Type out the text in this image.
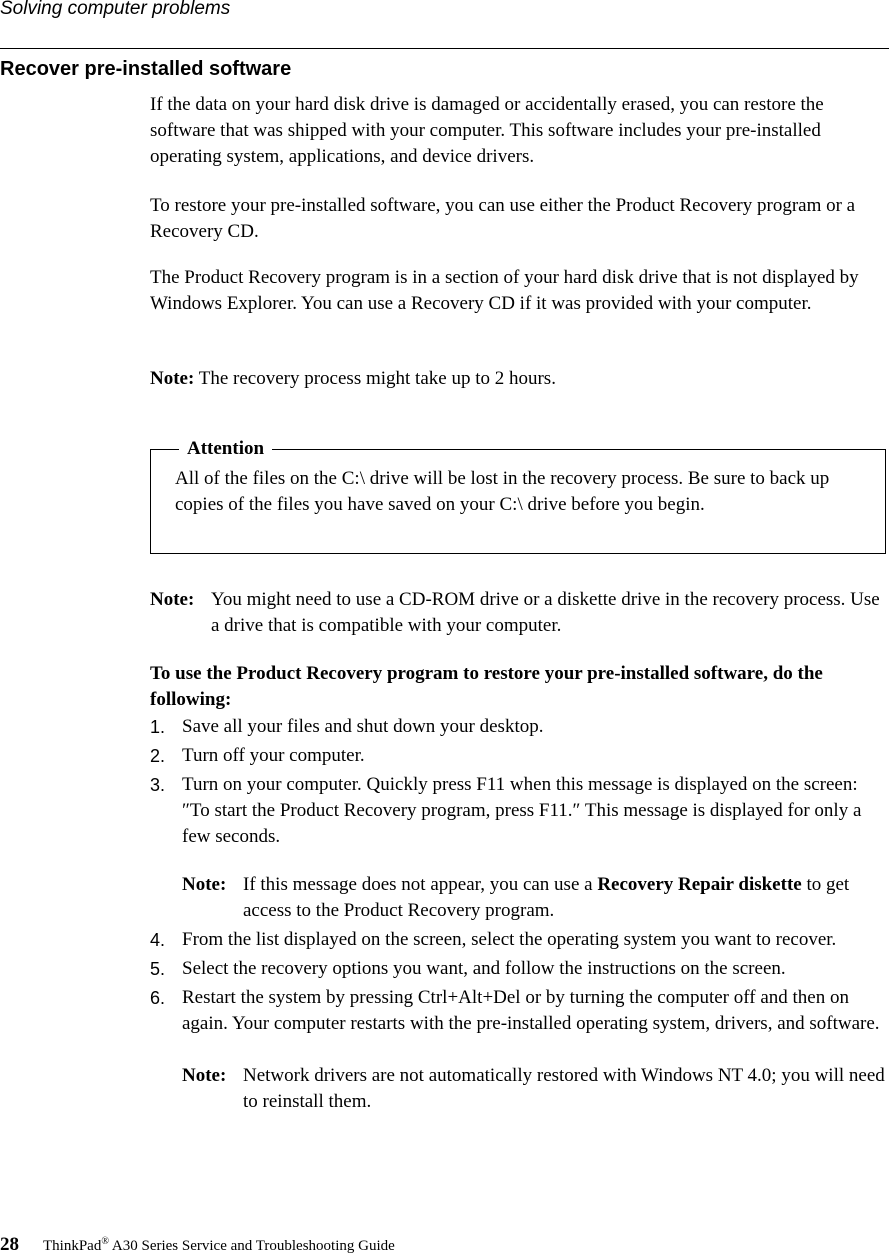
Solving computer problems
Recover pre-installed software
If the data on your hard disk drive is damaged or accidentally erased, you can restore the software that was shipped with your computer. This software includes your pre-installed operating system, applications, and device drivers.
To restore your pre-installed software, you can use either the Product Recovery program or a Recovery CD.
The Product Recovery program is in a section of your hard disk drive that is not displayed by Windows Explorer. You can use a Recovery CD if it was provided with your computer.
Note: The recovery process might take up to 2 hours.
Attention
All of the files on the C:\ drive will be lost in the recovery process. Be sure to back up copies of the files you have saved on your C:\ drive before you begin.
Note: You might need to use a CD-ROM drive or a diskette drive in the recovery process. Use a drive that is compatible with your computer.
To use the Product Recovery program to restore your pre-installed software, do the following:
1. Save all your files and shut down your desktop.
2. Turn off your computer.
3. Turn on your computer. Quickly press F11 when this message is displayed on the screen: ″To start the Product Recovery program, press F11.″ This message is displayed for only a few seconds.
Note: If this message does not appear, you can use a Recovery Repair diskette to get access to the Product Recovery program.
4. From the list displayed on the screen, select the operating system you want to recover.
5. Select the recovery options you want, and follow the instructions on the screen.
6. Restart the system by pressing Ctrl+Alt+Del or by turning the computer off and then on again. Your computer restarts with the pre-installed operating system, drivers, and software.
Note: Network drivers are not automatically restored with Windows NT 4.0; you will need to reinstall them.
28 ThinkPad® A30 Series Service and Troubleshooting Guide
